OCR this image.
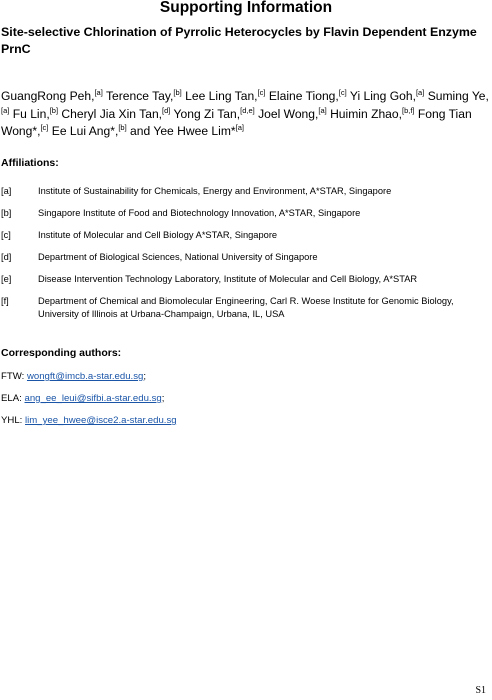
Supporting Information
Site-selective Chlorination of Pyrrolic Heterocycles by Flavin Dependent Enzyme PrnC
GuangRong Peh,[a] Terence Tay,[b] Lee Ling Tan,[c] Elaine Tiong,[c] Yi Ling Goh,[a] Suming Ye,[a] Fu Lin,[b] Cheryl Jia Xin Tan,[d] Yong Zi Tan,[d,e] Joel Wong,[a] Huimin Zhao,[b,f] Fong Tian Wong*,[c] Ee Lui Ang*,[b] and Yee Hwee Lim*[a]
Affiliations:
[a]	Institute of Sustainability for Chemicals, Energy and Environment, A*STAR, Singapore
[b]	Singapore Institute of Food and Biotechnology Innovation, A*STAR, Singapore
[c]	Institute of Molecular and Cell Biology A*STAR, Singapore
[d]	Department of Biological Sciences, National University of Singapore
[e]	Disease Intervention Technology Laboratory, Institute of Molecular and Cell Biology, A*STAR
[f]	Department of Chemical and Biomolecular Engineering, Carl R. Woese Institute for Genomic Biology, University of Illinois at Urbana-Champaign, Urbana, IL, USA
Corresponding authors:
FTW: wongft@imcb.a-star.edu.sg;
ELA: ang_ee_leui@sifbi.a-star.edu.sg;
YHL: lim_yee_hwee@isce2.a-star.edu.sg
S1
